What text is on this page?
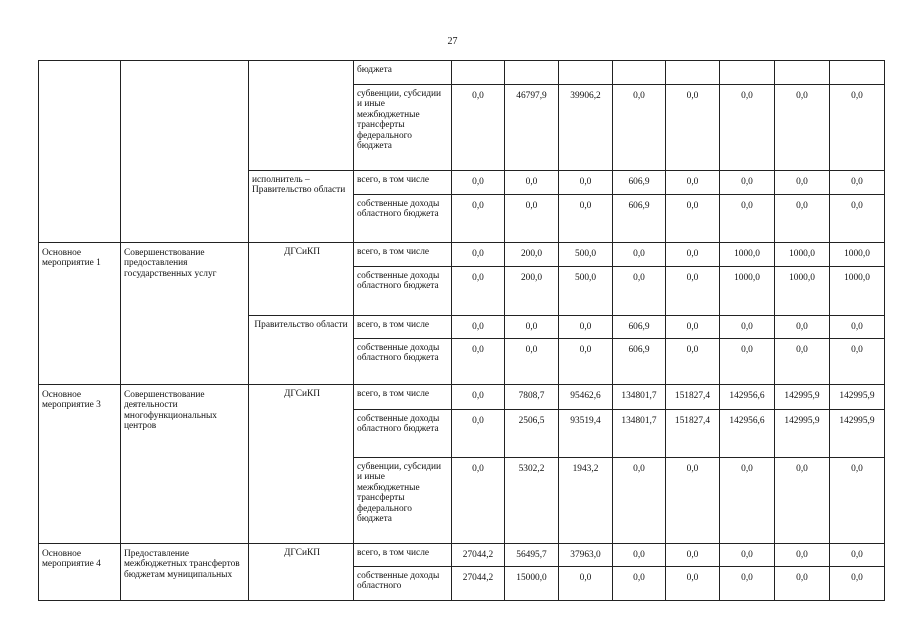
27
			бюджета								
			субвенции, субсидии и иные межбюджетные трансферты федерального бюджета	0,0	46797,9	39906,2	0,0	0,0	0,0	0,0	0,0
		исполнитель – Правительство области	всего, в том числе	0,0	0,0	0,0	606,9	0,0	0,0	0,0	0,0
			собственные доходы областного бюджета	0,0	0,0	0,0	606,9	0,0	0,0	0,0	0,0
Основное мероприятие 1	Совершенствование предоставления государственных услуг	ДГСиКП	всего, в том числе	0,0	200,0	500,0	0,0	0,0	1000,0	1000,0	1000,0
			собственные доходы областного бюджета	0,0	200,0	500,0	0,0	0,0	1000,0	1000,0	1000,0
		Правительство области	всего, в том числе	0,0	0,0	0,0	606,9	0,0	0,0	0,0	0,0
			собственные доходы областного бюджета	0,0	0,0	0,0	606,9	0,0	0,0	0,0	0,0
Основное мероприятие 3	Совершенствование деятельности многофункциональных центров	ДГСиКП	всего, в том числе	0,0	7808,7	95462,6	134801,7	151827,4	142956,6	142995,9	142995,9
			собственные доходы областного бюджета	0,0	2506,5	93519,4	134801,7	151827,4	142956,6	142995,9	142995,9
			субвенции, субсидии и иные межбюджетные трансферты федерального бюджета	0,0	5302,2	1943,2	0,0	0,0	0,0	0,0	0,0
Основное мероприятие 4	Предоставление межбюджетных трансфертов бюджетам муниципальных	ДГСиКП	всего, в том числе	27044,2	56495,7	37963,0	0,0	0,0	0,0	0,0	0,0
			собственные доходы областного	27044,2	15000,0	0,0	0,0	0,0	0,0	0,0	0,0
